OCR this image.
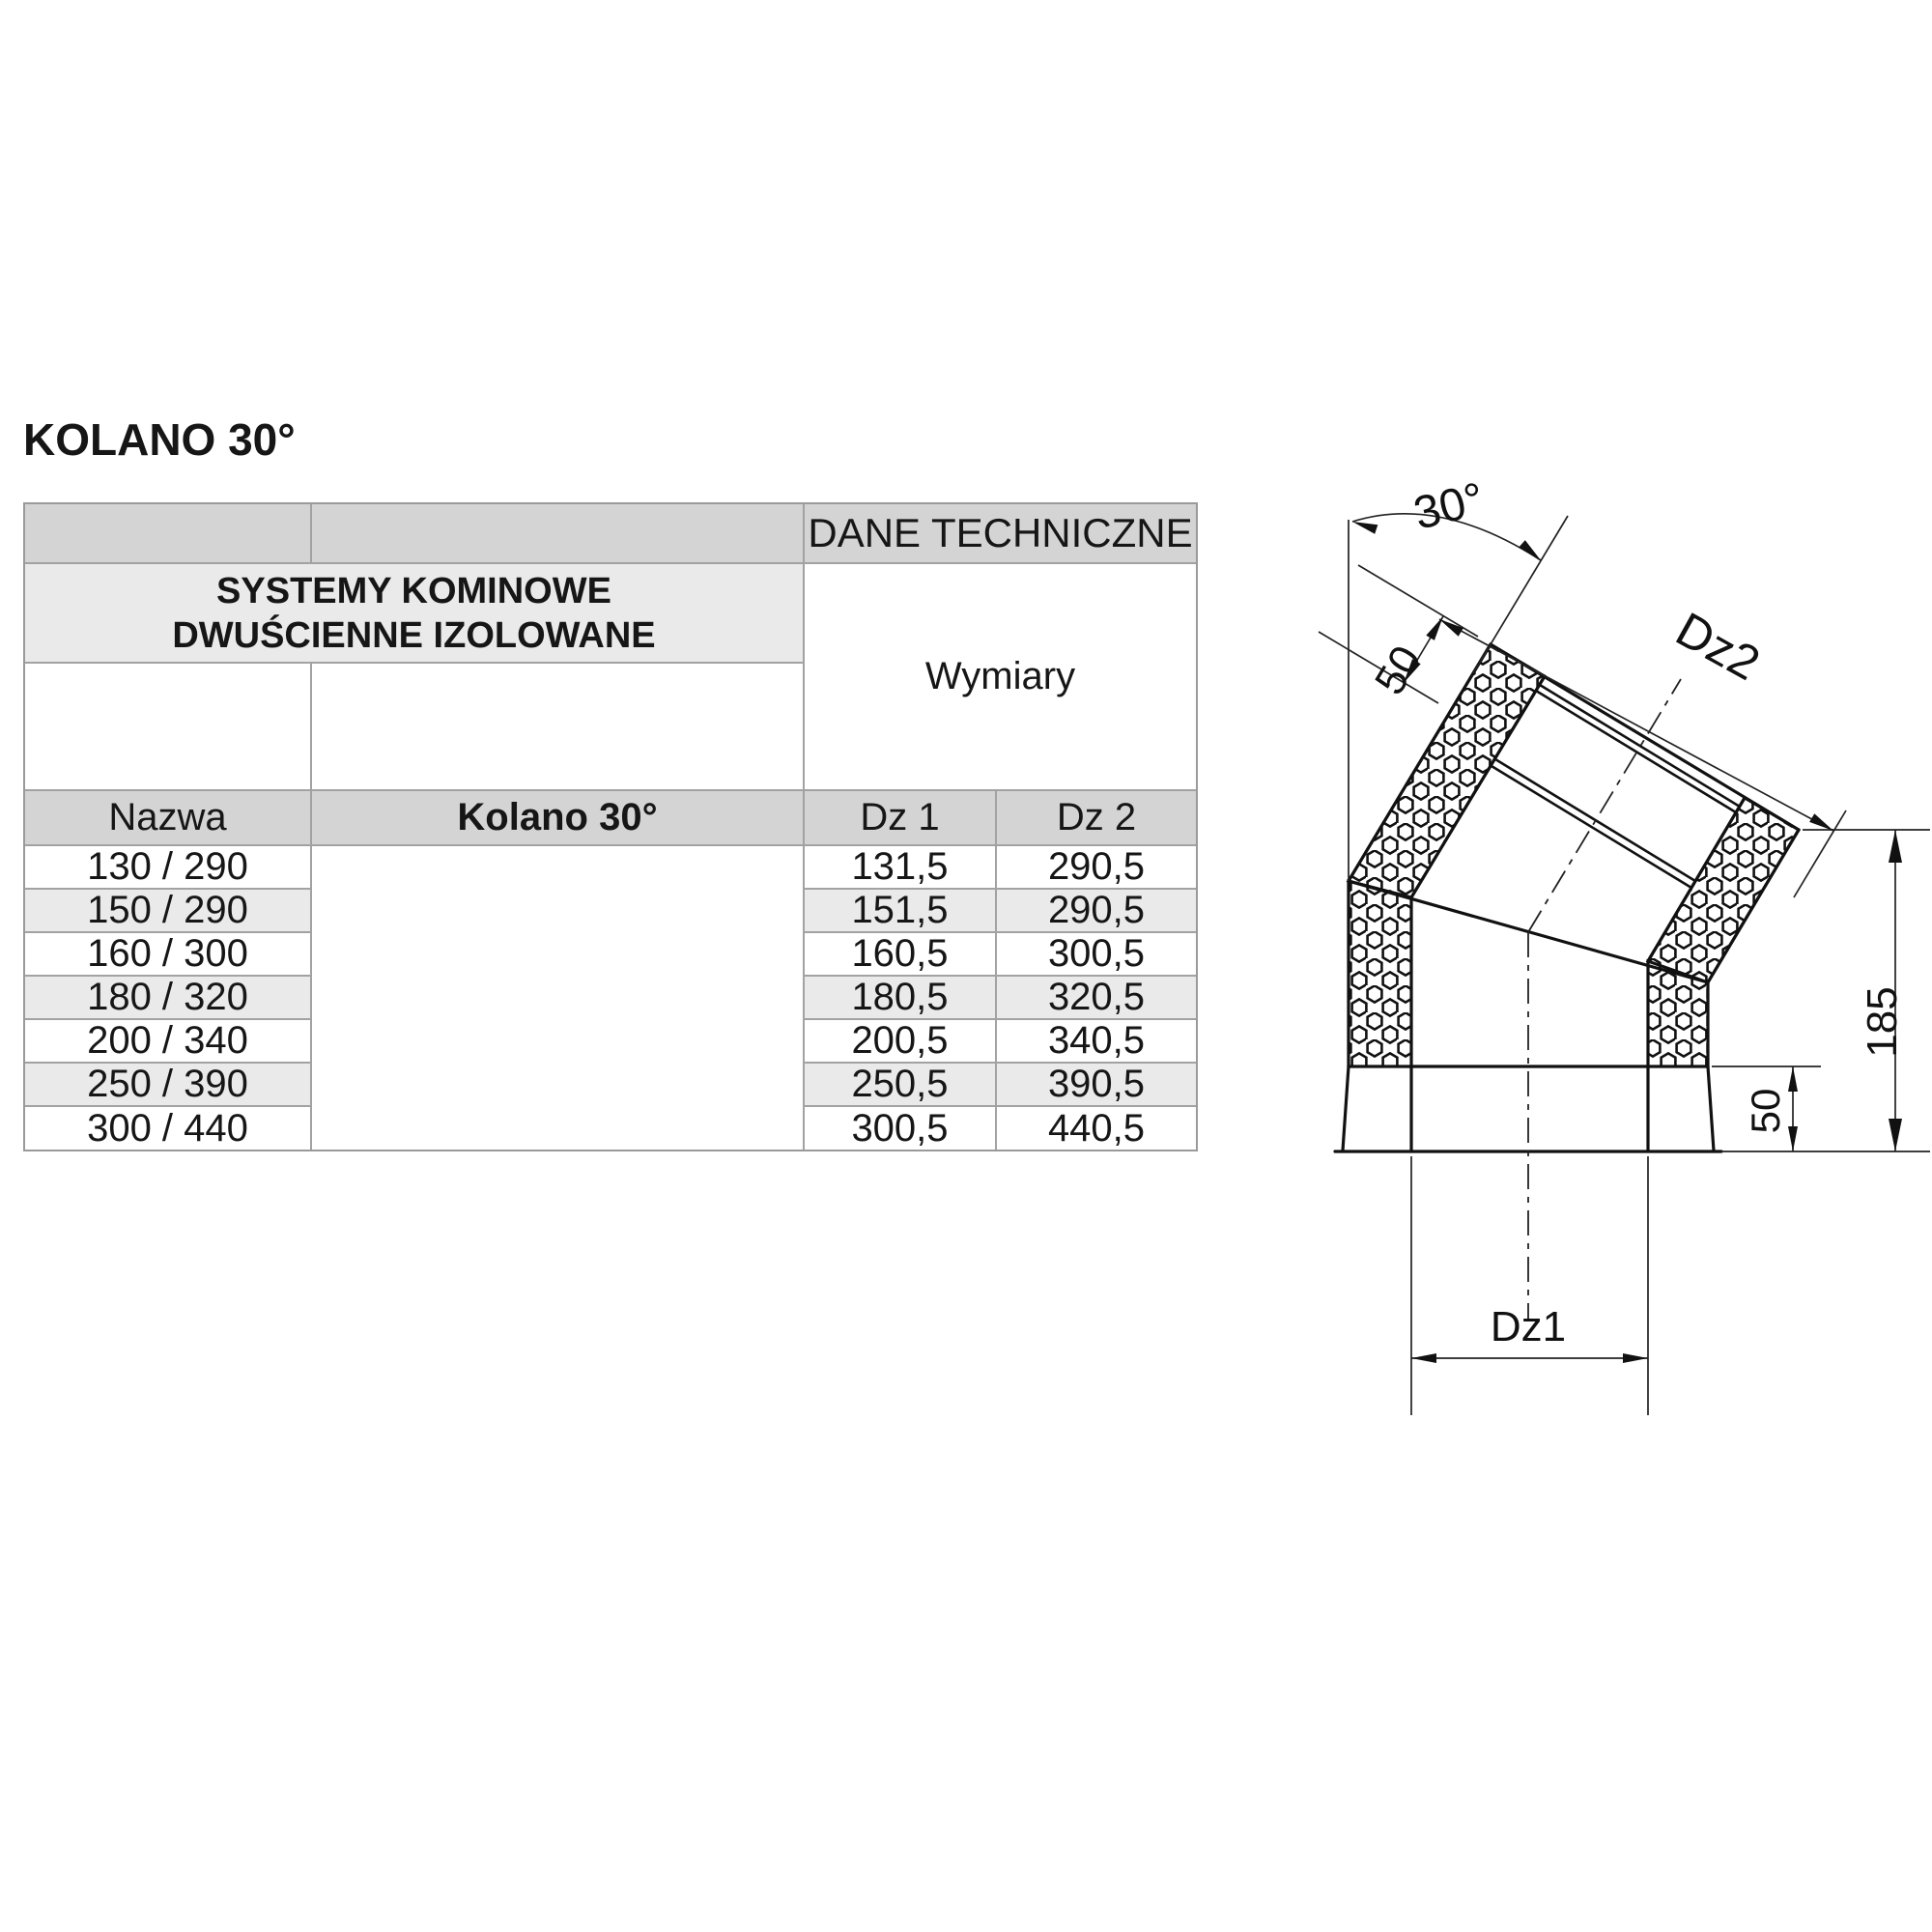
KOLANO 30°
DANE TECHNICZNE
SYSTEMY KOMINOWE
DWUŚCIENNE IZOLOWANE
Wymiary
Nazwa	Kolano 30°	Dz 1	Dz 2
130 / 290	131,5	290,5
150 / 290	151,5	290,5
160 / 300	160,5	300,5
180 / 320	180,5	320,5
200 / 340	200,5	340,5
250 / 390	250,5	390,5
300 / 440	300,5	440,5
30°
Dz2
50
185
50
Dz1
